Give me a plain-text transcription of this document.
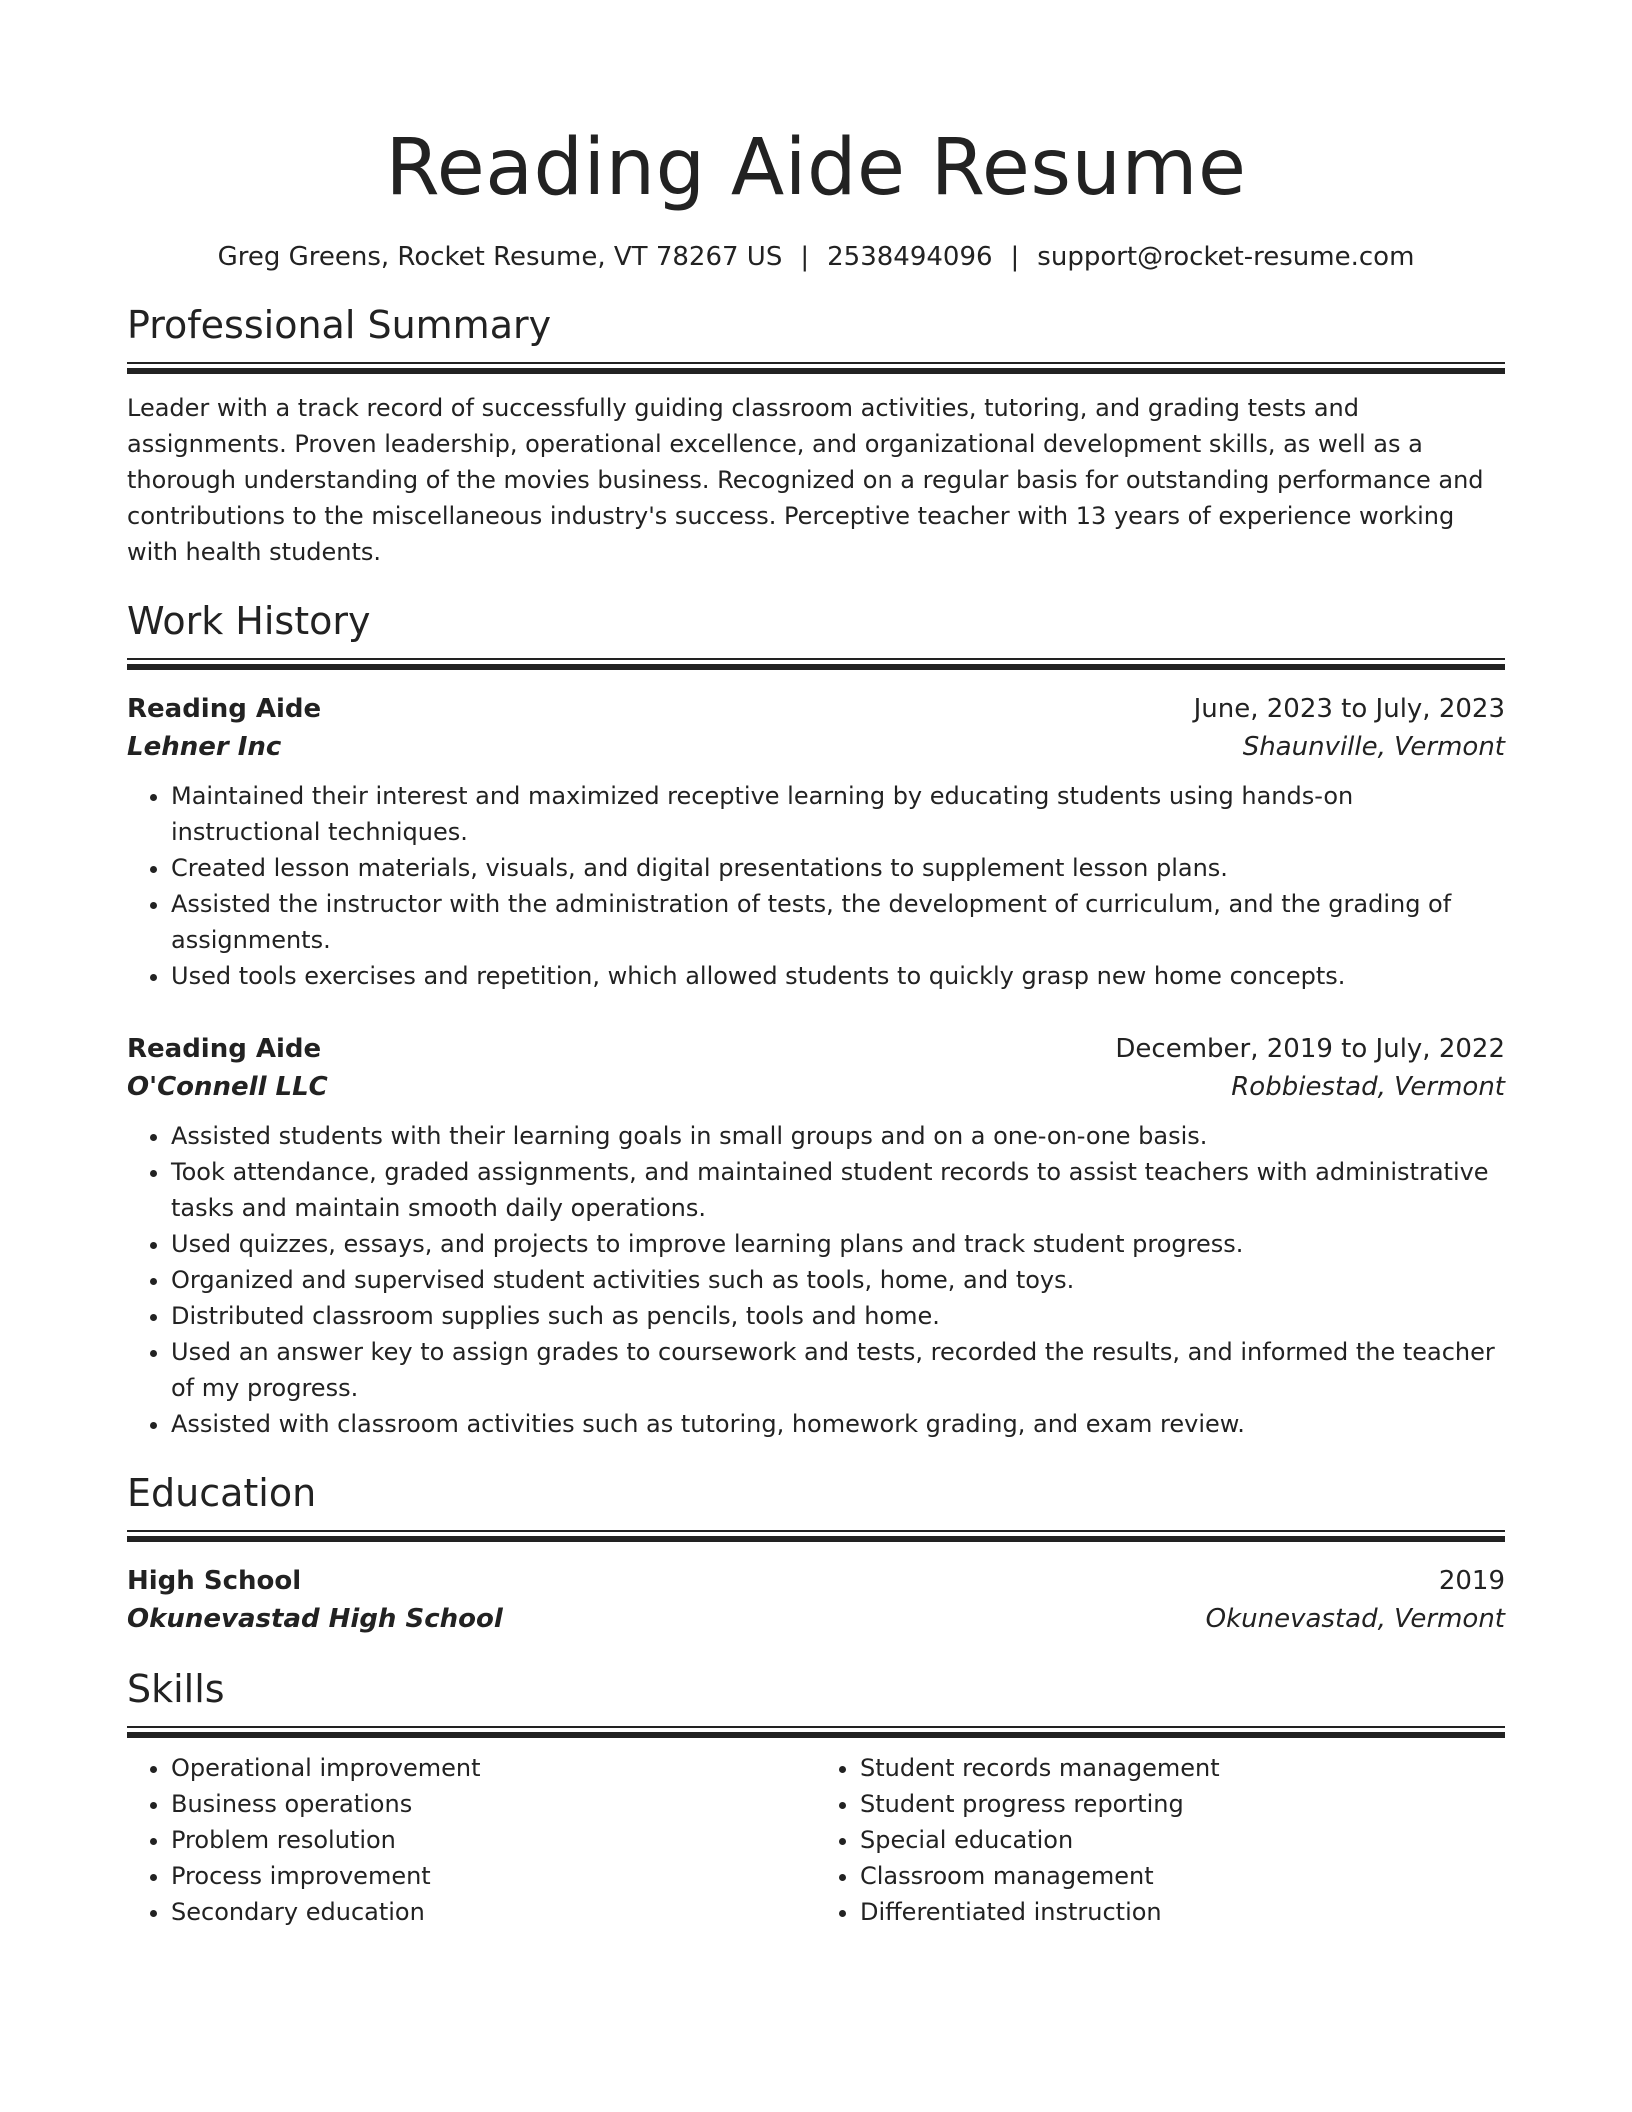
Reading Aide Resume
Greg Greens, Rocket Resume, VT 78267 US | 2538494096 | support@rocket-resume.com
Professional Summary
Leader with a track record of successfully guiding classroom activities, tutoring, and grading tests and assignments. Proven leadership, operational excellence, and organizational development skills, as well as a thorough understanding of the movies business. Recognized on a regular basis for outstanding performance and contributions to the miscellaneous industry's success. Perceptive teacher with 13 years of experience working with health students.
Work History
Reading Aide	June, 2023 to July, 2023
Lehner Inc	Shaunville, Vermont
• Maintained their interest and maximized receptive learning by educating students using hands-on instructional techniques.
• Created lesson materials, visuals, and digital presentations to supplement lesson plans.
• Assisted the instructor with the administration of tests, the development of curriculum, and the grading of assignments.
• Used tools exercises and repetition, which allowed students to quickly grasp new home concepts.
Reading Aide	December, 2019 to July, 2022
O'Connell LLC	Robbiestad, Vermont
• Assisted students with their learning goals in small groups and on a one-on-one basis.
• Took attendance, graded assignments, and maintained student records to assist teachers with administrative tasks and maintain smooth daily operations.
• Used quizzes, essays, and projects to improve learning plans and track student progress.
• Organized and supervised student activities such as tools, home, and toys.
• Distributed classroom supplies such as pencils, tools and home.
• Used an answer key to assign grades to coursework and tests, recorded the results, and informed the teacher of my progress.
• Assisted with classroom activities such as tutoring, homework grading, and exam review.
Education
High School	2019
Okunevastad High School	Okunevastad, Vermont
Skills
• Operational improvement
• Business operations
• Problem resolution
• Process improvement
• Secondary education
• Student records management
• Student progress reporting
• Special education
• Classroom management
• Differentiated instruction
